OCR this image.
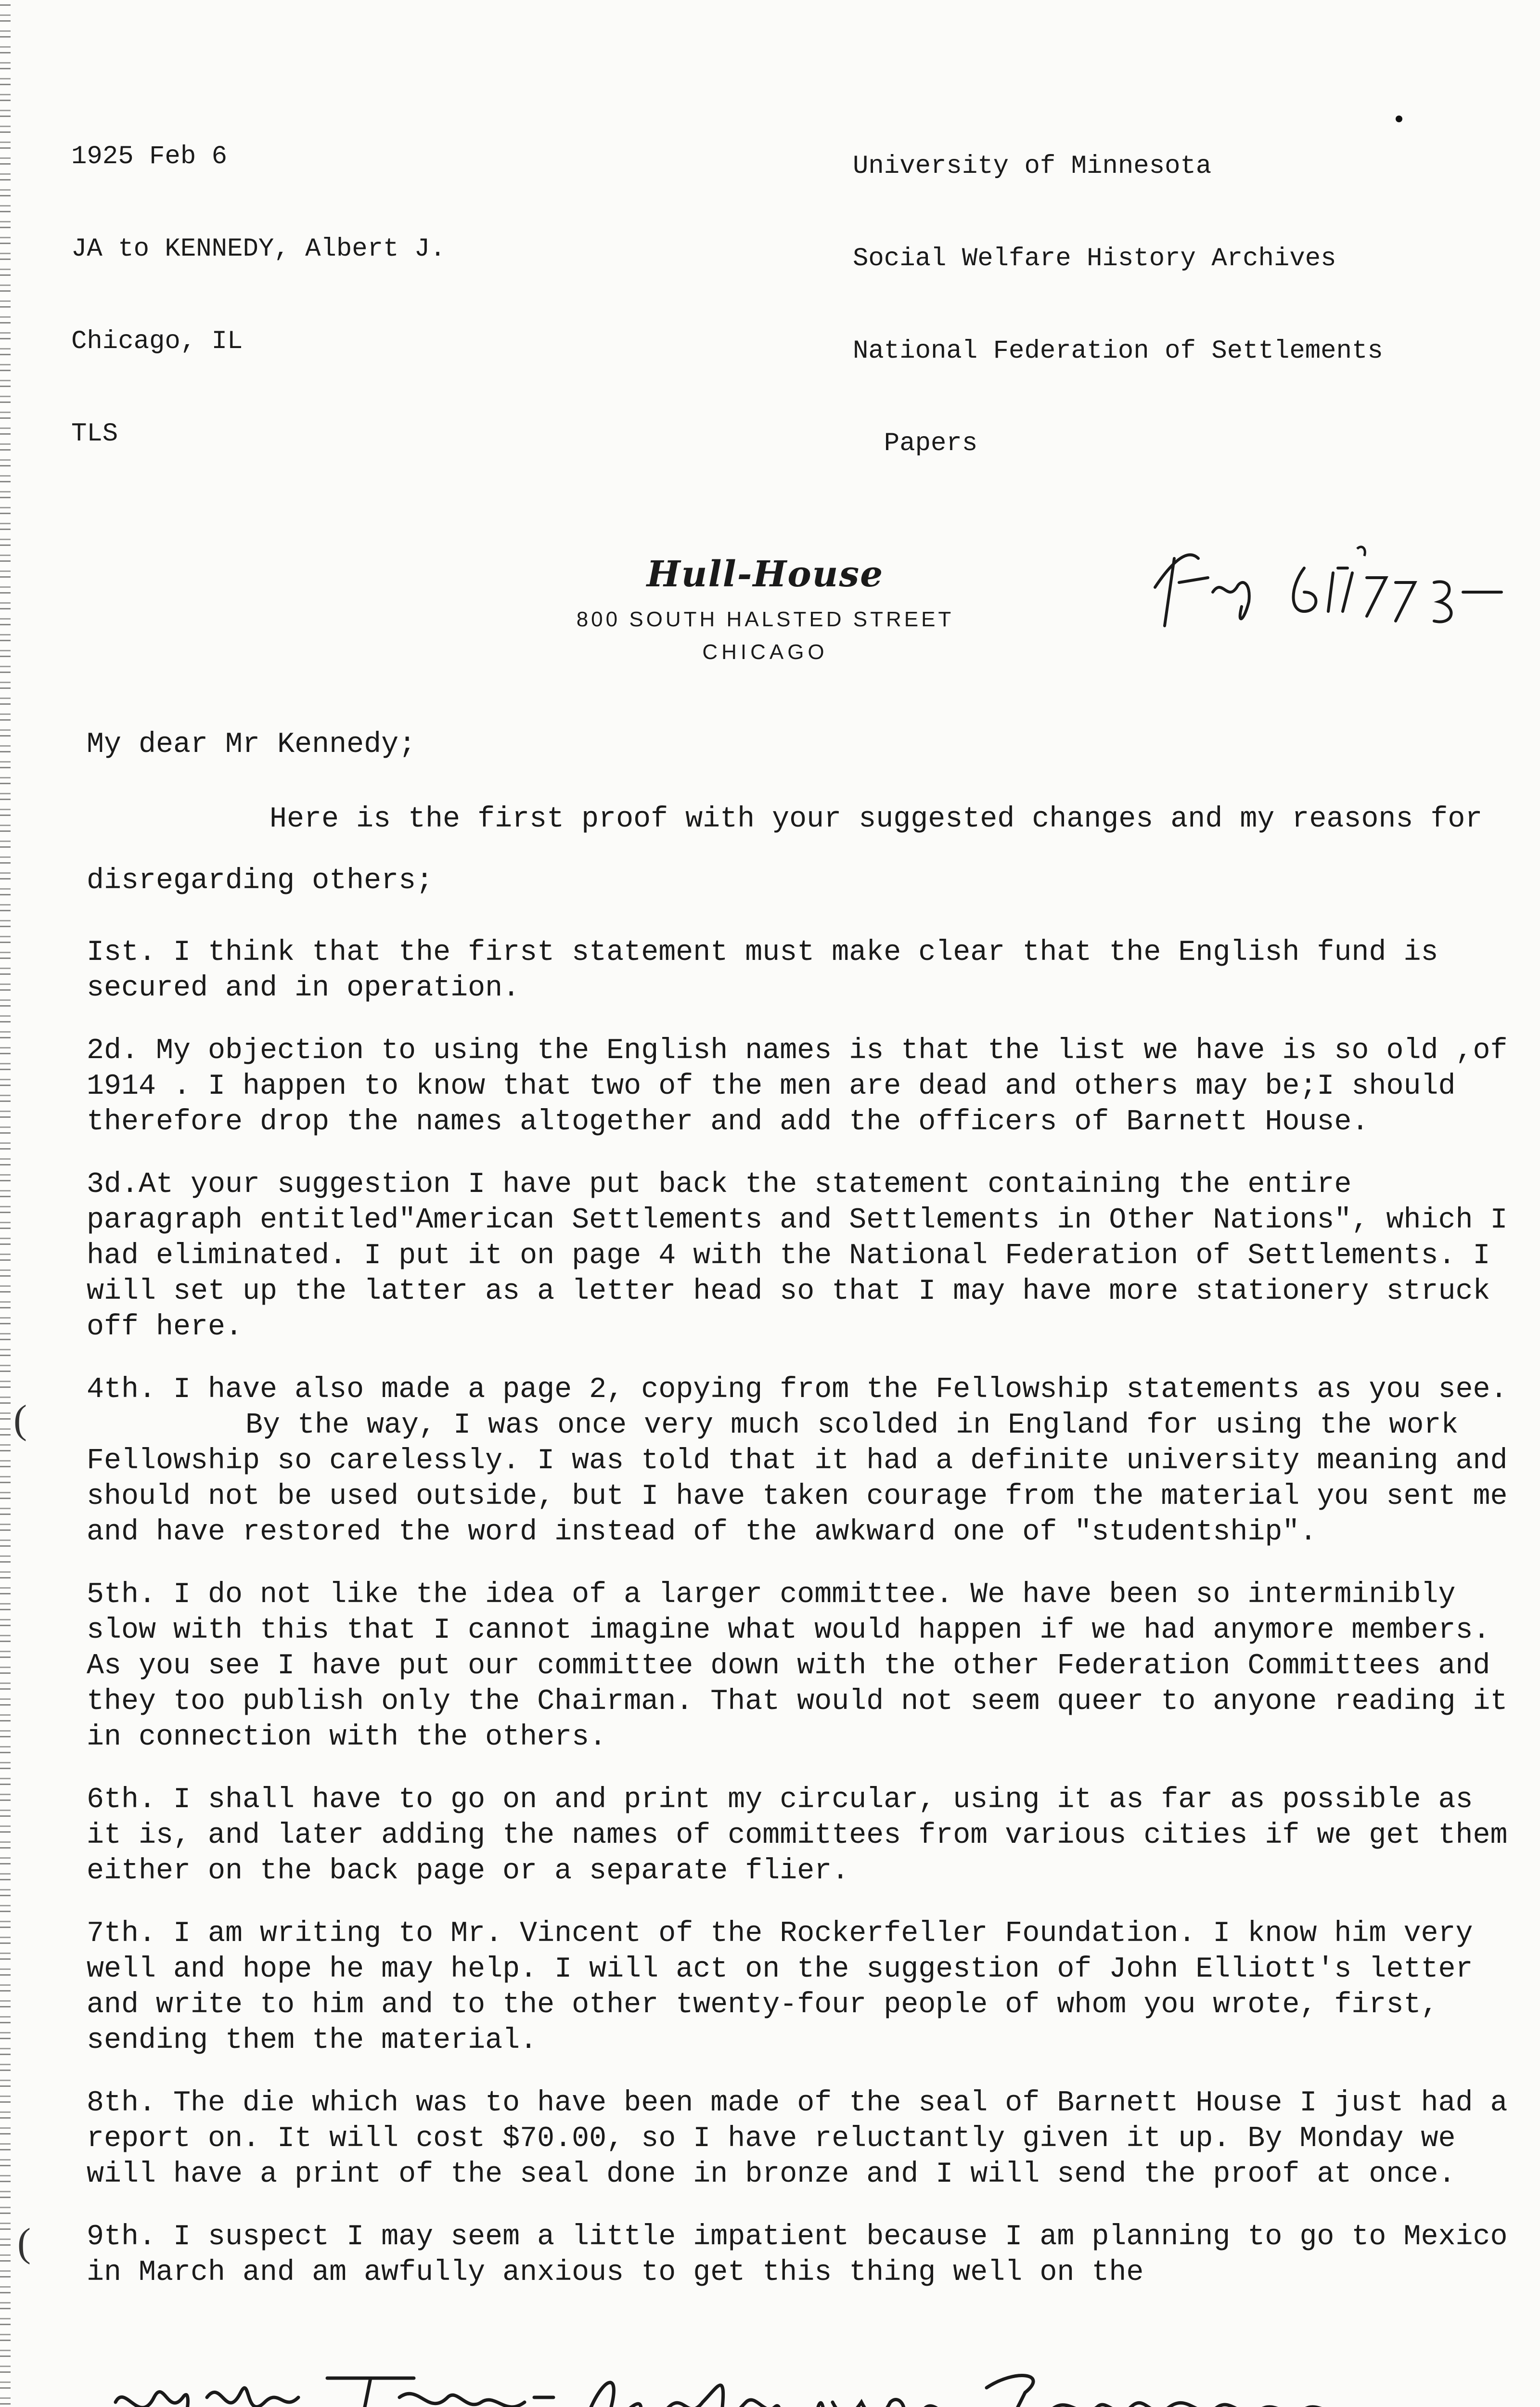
1925 Feb 6

JA to KENNEDY, Albert J.

Chicago, IL

TLS

University of Minnesota

Social Welfare History Archives

National Federation of Settlements

Papers

Hull-House
800 SOUTH HALSTED STREET
CHICAGO
(
(

My dear Mr Kennedy;

Here is the first proof with your suggested changes and my reasons for disregarding others;

Ist. I think that the first statement must make clear that the English fund is secured and in operation.

2d. My objection to using the English names is that the list we have is so old ,of 1914 . I happen to know that two of the men are dead and others may be;I should therefore drop the names altogether and add the officers of Barnett House.

3d.At your suggestion I have put back the statement containing the entire paragraph entitled"American Settlements and Settlements in Other Nations", which I had eliminated. I put it on page 4 with the National Federation of Settlements. I will set up the latter as a letter head so that I may have more stationery struck off here.

4th. I have also made a page 2, copying from the Fellowship statements as you see.

By the way, I was once very much scolded in England for using the work Fellowship so carelessly. I was told that it had a definite university meaning and should not be used outside, but I have taken courage from the material you sent me and have restored the word instead of the awkward one of "studentship".

5th. I do not like the idea of a larger committee. We have been so interminibly slow with this that I cannot imagine what would happen if we had anymore members. As you see I have put our committee down with the other Federation Committees and they too publish only the Chairman. That would not seem queer to anyone reading it in connection with the others.

6th. I shall have to go on and print my circular, using it as far as possible as it is, and later adding the names of committees from various cities if we get them either on the back page or a separate flier.

7th. I am writing to Mr. Vincent of the Rockerfeller Foundation. I know him very well and hope he may help. I will act on the suggestion of John Elliott's letter and write to him and to the other twenty-four people of whom you wrote, first, sending them the material.

8th. The die which was to have been made of the seal of Barnett House I just had a report on. It will cost $70.00, so I have reluctantly given it up. By Monday we will have a print of the seal done in bronze and I will send the proof at once.

9th. I suspect I may seem a little impatient because I am planning to go to Mexico in March and am awfully anxious to get this thing well on the
